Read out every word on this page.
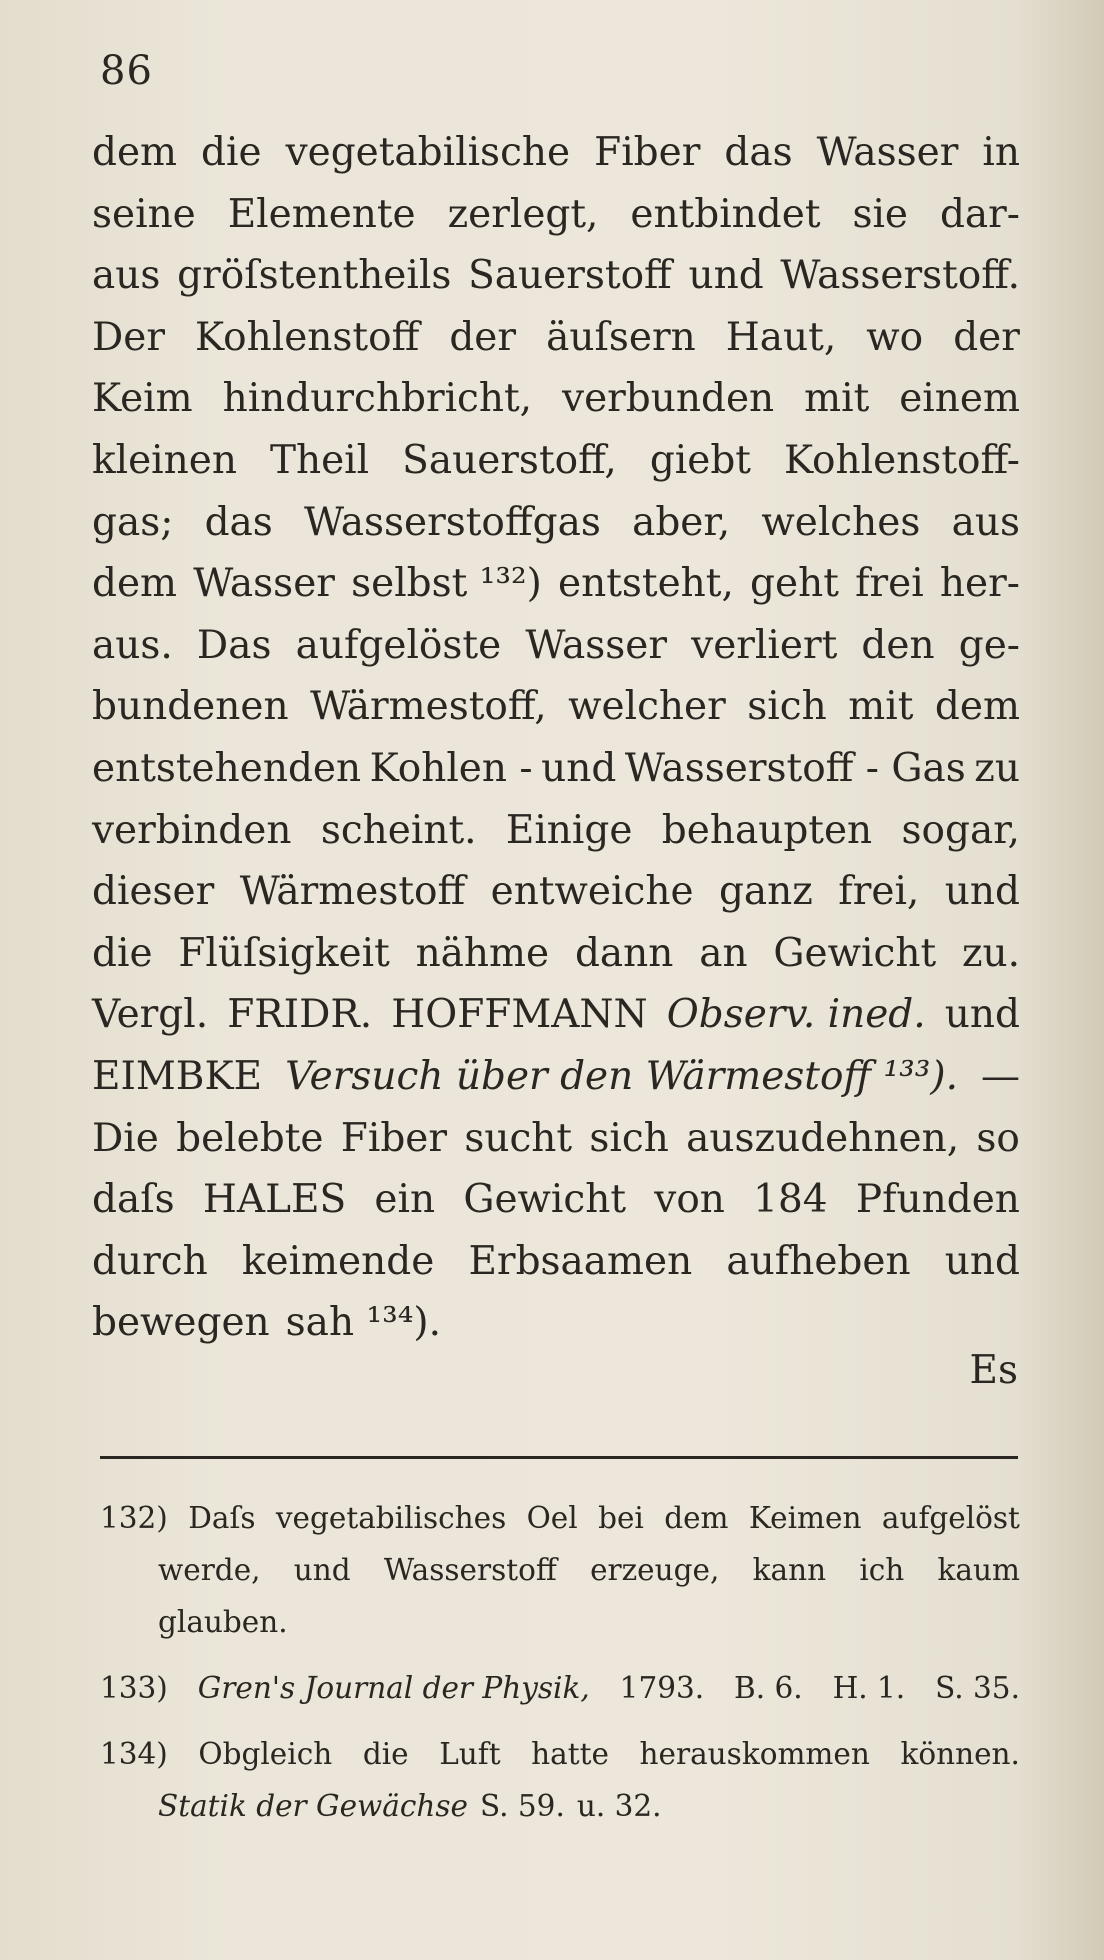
86
dem die vegetabilische Fiber das Wasser in
seine Elemente zerlegt, entbindet sie dar-
aus gröſstentheils Sauerstoff und Wasserstoff.
Der Kohlenstoff der äuſsern Haut, wo der
Keim hindurchbricht, verbunden mit einem
kleinen Theil Sauerstoff, giebt Kohlenstoff-
gas; das Wasserstoffgas aber, welches aus
dem Wasser selbst ¹³²) entsteht, geht frei her-
aus. Das aufgelöste Wasser verliert den ge-
bundenen Wärmestoff, welcher sich mit dem
entstehenden Kohlen - und Wasserstoff - Gas zu
verbinden scheint. Einige behaupten sogar,
dieser Wärmestoff entweiche ganz frei, und
die Flüſsigkeit nähme dann an Gewicht zu.
Vergl. FRIDR. HOFFMANN Observ. ined. und
EIMBKE Versuch über den Wärmestoff ¹³³). —
Die belebte Fiber sucht sich auszudehnen, so
daſs HALES ein Gewicht von 184 Pfunden
durch keimende Erbsaamen aufheben und
bewegen sah ¹³⁴).
Es
132) Daſs vegetabilisches Oel bei dem Keimen aufgelöst
werde, und Wasserstoff erzeuge, kann ich kaum
glauben.
133) Gren's Journal der Physik, 1793. B. 6. H. 1. S. 35.
134) Obgleich die Luft hatte herauskommen können.
Statik der Gewächse S. 59. u. 32.
